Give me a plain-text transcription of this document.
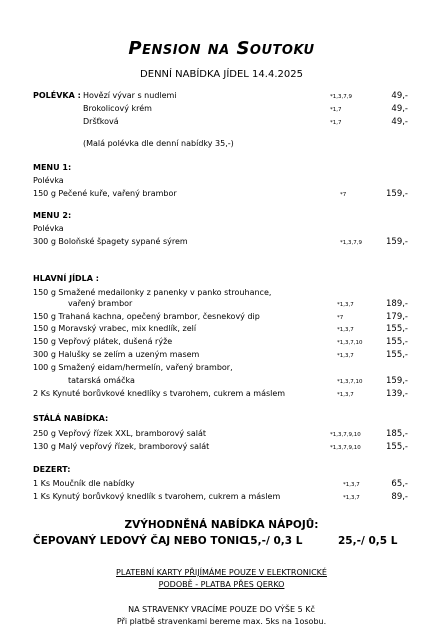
Pension na Soutoku
DENNÍ NABÍDKA JÍDEL 14.4.2025
POLÉVKA : Hovězí vývar s nudlemi	*1,3,7,9	49,-
Brokolicový krém	*1,7	49,-
Dršťková	*1,7	49,-
(Malá polévka dle denní nabídky 35,-)
MENU 1:
Polévka
150 g Pečené kuře, vařený brambor	*7	159,-
MENU 2:
Polévka
300 g Boloňské špagety sypané sýrem	*1,3,7,9	159,-
HLAVNÍ JÍDLA :
150 g Smažené medailonky z panenky v panko strouhance,
vařený brambor	*1,3,7	189,-
150 g Trahaná kachna, opečený brambor, česnekový dip	*7	179,-
150 g Moravský vrabec, mix knedlík, zelí	*1,3,7	155,-
150 g Vepřový plátek, dušená rýže	*1,3,7,10	155,-
300 g Halušky se zelím a uzeným masem	*1,3,7	155,-
100 g Smažený eidam/hermelín, vařený brambor,
tatarská omáčka	*1,3,7,10	159,-
2 Ks Kynuté borůvkové knedlíky s tvarohem, cukrem a máslem	*1,3,7	139,-
STÁLÁ NABÍDKA:
250 g Vepřový řízek XXL, bramborový salát	*1,3,7,9,10	185,-
130 g Malý vepřový řízek, bramborový salát	*1,3,7,9,10	155,-
DEZERT:
1 Ks Moučník dle nabídky	*1,3,7	65,-
1 Ks Kynutý borůvkový knedlík s tvarohem, cukrem a máslem	*1,3,7	89,-
ZVÝHODNĚNÁ NABÍDKA NÁPOJŮ:
ČEPOVANÝ LEDOVÝ ČAJ NEBO TONIC
15,-/ 0,3 L	25,-/ 0,5 L
PLATEBNÍ KARTY PŘIJÍMÁME POUZE V ELEKTRONICKÉ
PODOBĚ - PLATBA PŘES QERKO
NA STRAVENKY VRACÍME POUZE DO VÝŠE 5 Kč
Při platbě stravenkami bereme max. 5ks na 1osobu.
